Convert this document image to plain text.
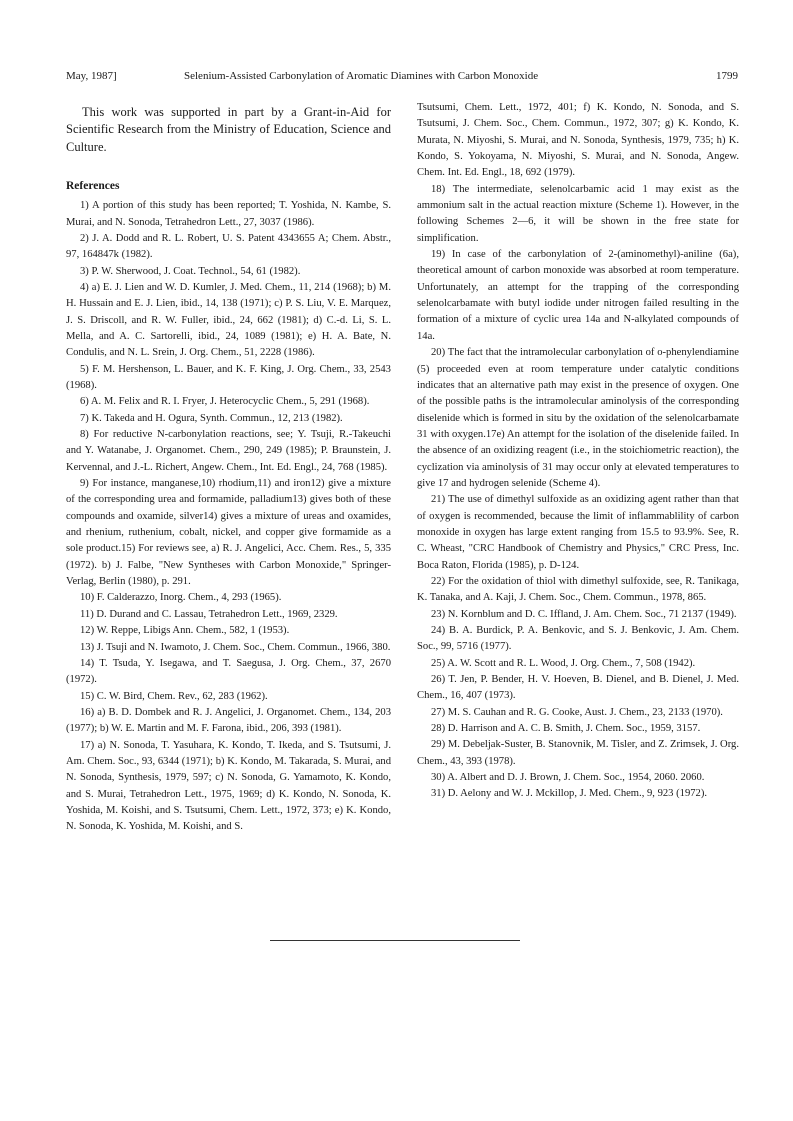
May, 1987]	Selenium-Assisted Carbonylation of Aromatic Diamines with Carbon Monoxide	1799

This work was supported in part by a Grant-in-Aid for Scientific Research from the Ministry of Education, Science and Culture.

References

1) A portion of this study has been reported; T. Yoshida, N. Kambe, S. Murai, and N. Sonoda, Tetrahedron Lett., 27, 3037 (1986).

2) J. A. Dodd and R. L. Robert, U. S. Patent 4343655 A; Chem. Abstr., 97, 164847k (1982).

3) P. W. Sherwood, J. Coat. Technol., 54, 61 (1982).

4) a) E. J. Lien and W. D. Kumler, J. Med. Chem., 11, 214 (1968); b) M. H. Hussain and E. J. Lien, ibid., 14, 138 (1971); c) P. S. Liu, V. E. Marquez, J. S. Driscoll, and R. W. Fuller, ibid., 24, 662 (1981); d) C.-d. Li, S. L. Mella, and A. C. Sartorelli, ibid., 24, 1089 (1981); e) H. A. Bate, N. Condulis, and N. L. Srein, J. Org. Chem., 51, 2228 (1986).

5) F. M. Hershenson, L. Bauer, and K. F. King, J. Org. Chem., 33, 2543 (1968).

6) A. M. Felix and R. I. Fryer, J. Heterocyclic Chem., 5, 291 (1968).

7) K. Takeda and H. Ogura, Synth. Commun., 12, 213 (1982).

8) For reductive N-carbonylation reactions, see; Y. Tsuji, R.-Takeuchi and Y. Watanabe, J. Organomet. Chem., 290, 249 (1985); P. Braunstein, J. Kervennal, and J.-L. Richert, Angew. Chem., Int. Ed. Engl., 24, 768 (1985).

9) For instance, manganese,10) rhodium,11) and iron12) give a mixture of the corresponding urea and formamide, palladium13) gives both of these compounds and oxamide, silver14) gives a mixture of ureas and oxamides, and rhenium, ruthenium, cobalt, nickel, and copper give formamide as a sole product.15) For reviews see, a) R. J. Angelici, Acc. Chem. Res., 5, 335 (1972). b) J. Falbe, "New Syntheses with Carbon Monoxide," Springer-Verlag, Berlin (1980), p. 291.

10) F. Calderazzo, Inorg. Chem., 4, 293 (1965).

11) D. Durand and C. Lassau, Tetrahedron Lett., 1969, 2329.

12) W. Reppe, Libigs Ann. Chem., 582, 1 (1953).

13) J. Tsuji and N. Iwamoto, J. Chem. Soc., Chem. Commun., 1966, 380.

14) T. Tsuda, Y. Isegawa, and T. Saegusa, J. Org. Chem., 37, 2670 (1972).

15) C. W. Bird, Chem. Rev., 62, 283 (1962).

16) a) B. D. Dombek and R. J. Angelici, J. Organomet. Chem., 134, 203 (1977); b) W. E. Martin and M. F. Farona, ibid., 206, 393 (1981).

17) a) N. Sonoda, T. Yasuhara, K. Kondo, T. Ikeda, and S. Tsutsumi, J. Am. Chem. Soc., 93, 6344 (1971); b) K. Kondo, M. Takarada, S. Murai, and N. Sonoda, Synthesis, 1979, 597; c) N. Sonoda, G. Yamamoto, K. Kondo, and S. Murai, Tetrahedron Lett., 1975, 1969; d) K. Kondo, N. Sonoda, K. Yoshida, M. Koishi, and S. Tsutsumi, Chem. Lett., 1972, 373; e) K. Kondo, N. Sonoda, K. Yoshida, M. Koishi, and S.

Tsutsumi, Chem. Lett., 1972, 401; f) K. Kondo, N. Sonoda, and S. Tsutsumi, J. Chem. Soc., Chem. Commun., 1972, 307; g) K. Kondo, K. Murata, N. Miyoshi, S. Murai, and N. Sonoda, Synthesis, 1979, 735; h) K. Kondo, S. Yokoyama, N. Miyoshi, S. Murai, and N. Sonoda, Angew. Chem. Int. Ed. Engl., 18, 692 (1979).

18) The intermediate, selenolcarbamic acid 1 may exist as the ammonium salt in the actual reaction mixture (Scheme 1). However, in the following Schemes 2—6, it will be shown in the free state for simplification.

19) In case of the carbonylation of 2-(aminomethyl)-aniline (6a), theoretical amount of carbon monoxide was absorbed at room temperature. Unfortunately, an attempt for the trapping of the corresponding selenolcarbamate with butyl iodide under nitrogen failed resulting in the formation of a mixture of cyclic urea 14a and N-alkylated compounds of 14a.

20) The fact that the intramolecular carbonylation of o-phenylendiamine (5) proceeded even at room temperature under catalytic conditions indicates that an alternative path may exist in the presence of oxygen. One of the possible paths is the intramolecular aminolysis of the corresponding diselenide which is formed in situ by the oxidation of the selenolcarbamate 31 with oxygen.17e) An attempt for the isolation of the diselenide failed. In the absence of an oxidizing reagent (i.e., in the stoichiometric reaction), the cyclization via aminolysis of 31 may occur only at elevated temperatures to give 17 and hydrogen selenide (Scheme 4).

21) The use of dimethyl sulfoxide as an oxidizing agent rather than that of oxygen is recommended, because the limit of inflammablility of carbon monoxide in oxygen has large extent ranging from 15.5 to 93.9%. See, R. C. Wheast, "CRC Handbook of Chemistry and Physics," CRC Press, Inc. Boca Raton, Florida (1985), p. D-124.

22) For the oxidation of thiol with dimethyl sulfoxide, see, R. Tanikaga, K. Tanaka, and A. Kaji, J. Chem. Soc., Chem. Commun., 1978, 865.

23) N. Kornblum and D. C. Iffland, J. Am. Chem. Soc., 71 2137 (1949).

24) B. A. Burdick, P. A. Benkovic, and S. J. Benkovic, J. Am. Chem. Soc., 99, 5716 (1977).

25) A. W. Scott and R. L. Wood, J. Org. Chem., 7, 508 (1942).

26) T. Jen, P. Bender, H. V. Hoeven, B. Dienel, and B. Dienel, J. Med. Chem., 16, 407 (1973).

27) M. S. Cauhan and R. G. Cooke, Aust. J. Chem., 23, 2133 (1970).

28) D. Harrison and A. C. B. Smith, J. Chem. Soc., 1959, 3157.

29) M. Debeljak-Suster, B. Stanovnik, M. Tisler, and Z. Zrimsek, J. Org. Chem., 43, 393 (1978).

30) A. Albert and D. J. Brown, J. Chem. Soc., 1954, 2060. 2060.

31) D. Aelony and W. J. Mckillop, J. Med. Chem., 9, 923 (1972).
